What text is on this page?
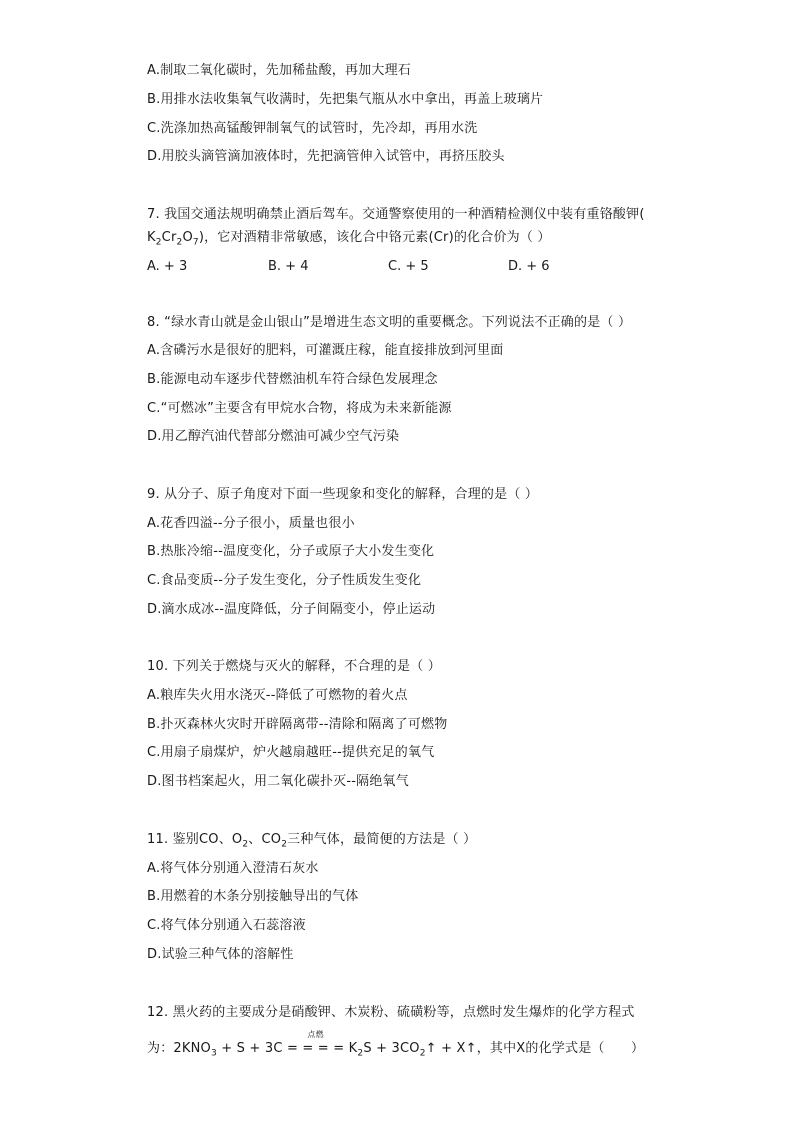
A.制取二氧化碳时，先加稀盐酸，再加大理石
B.用排水法收集氧气收满时，先把集气瓶从水中拿出，再盖上玻璃片
C.洗涤加热高锰酸钾制氧气的试管时，先冷却，再用水洗
D.用胶头滴管滴加液体时，先把滴管伸入试管中，再挤压胶头
7. 我国交通法规明确禁止酒后驾车。交通警察使用的一种酒精检测仪中装有重铬酸钾(
$K_2Cr_2O_7$)，它对酒精非常敏感，该化合中铬元素(Cr)的化合价为（ ）
A. + 3	B. + 4	C. + 5	D. + 6
8. “绿水青山就是金山银山”是增进生态文明的重要概念。下列说法不正确的是（ ）
A.含磷污水是很好的肥料，可灌溉庄稼，能直接排放到河里面
B.能源电动车逐步代替燃油机车符合绿色发展理念
C.“可燃冰”主要含有甲烷水合物，将成为未来新能源
D.用乙醇汽油代替部分燃油可减少空气污染
9. 从分子、原子角度对下面一些现象和变化的解释，合理的是（ ）
A.花香四溢--分子很小，质量也很小
B.热胀冷缩--温度变化，分子或原子大小发生变化
C.食品变质--分子发生变化，分子性质发生变化
D.滴水成冰--温度降低，分子间隔变小，停止运动
10. 下列关于燃烧与灭火的解释，不合理的是（ ）
A.粮库失火用水浇灭--降低了可燃物的着火点
B.扑灭森林火灾时开辟隔离带--清除和隔离了可燃物
C.用扇子扇煤炉，炉火越扇越旺--提供充足的氧气
D.图书档案起火，用二氧化碳扑灭--隔绝氧气
11. 鉴别CO、$O_2$、$CO_2$三种气体，最简便的方法是（ ）
A.将气体分别通入澄清石灰水
B.用燃着的木条分别接触导出的气体
C.将气体分别通入石蕊溶液
D.试验三种气体的溶解性
12. 黑火药的主要成分是硝酸钾、木炭粉、硫磺粉等，点燃时发生爆炸的化学方程式
为：$2KNO_3 + S + 3C$
点燃
= = = = $K_2S$ + $3CO_2↑$ + X↑，其中X的化学式是（　　）
